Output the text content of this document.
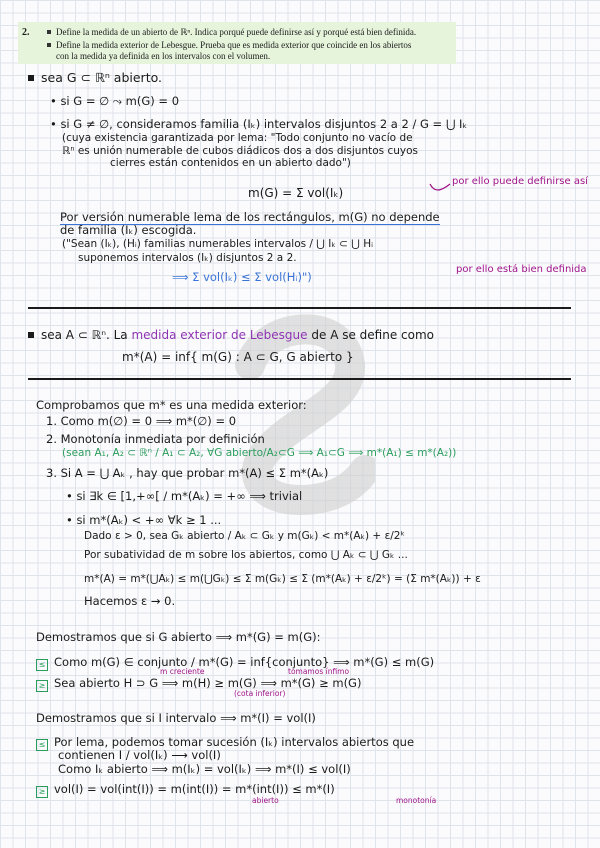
2.	Define la medida de un abierto de ℝⁿ. Indica porqué puede definirse así y porqué está bien definida.
Define la medida exterior de Lebesgue. Prueba que es medida exterior que coincide en los abiertos
con la medida ya definida en los intervalos con el volumen.
sea G ⊂ ℝⁿ abierto.
• si G = ∅ ⤳ m(G) = 0
• si G ≠ ∅, consideramos familia (Iₖ) intervalos disjuntos 2 a 2 / G = ⋃ Iₖ
(cuya existencia garantizada por lema: "Todo conjunto no vacío de
ℝⁿ es unión numerable de cubos diádicos dos a dos disjuntos cuyos
cierres están contenidos en un abierto dado")
m(G) = Σ vol(Iₖ)
por ello puede definirse así
Por versión numerable lema de los rectángulos, m(G) no depende
de familia (Iₖ) escogida.
("Sean (Iₖ), (Hᵢ) familias numerables intervalos / ⋃ Iₖ ⊂ ⋃ Hᵢ
suponemos intervalos (Iₖ) disjuntos 2 a 2.
⟹ Σ vol(Iₖ) ≤ Σ vol(Hᵢ)")
por ello está bien definida
sea A ⊂ ℝⁿ. La medida exterior de Lebesgue de A se define como
m*(A) = inf{ m(G) : A ⊂ G, G abierto }
Comprobamos que m* es una medida exterior:
1. Como m(∅) = 0 ⟹ m*(∅) = 0
2. Monotonía inmediata por definición
(sean A₁, A₂ ⊂ ℝⁿ / A₁ ⊂ A₂, ∀G abierto/A₂⊂G ⟹ A₁⊂G ⟹ m*(A₁) ≤ m*(A₂))
3. Si A = ⋃ Aₖ , hay que probar m*(A) ≤ Σ m*(Aₖ)
• si ∃k ∈ [1,+∞[ / m*(Aₖ) = +∞ ⟹ trivial
• si m*(Aₖ) < +∞ ∀k ≥ 1 ...
Dado ε > 0, sea Gₖ abierto / Aₖ ⊂ Gₖ y m(Gₖ) < m*(Aₖ) + ε/2ᵏ
Por subatividad de m sobre los abiertos, como ⋃ Aₖ ⊂ ⋃ Gₖ ...
m*(A) = m*(⋃Aₖ) ≤ m(⋃Gₖ) ≤ Σ m(Gₖ) ≤ Σ (m*(Aₖ) + ε/2ᵏ) = (Σ m*(Aₖ)) + ε
Hacemos ε → 0.
Demostramos que si G abierto ⟹ m*(G) = m(G):
≤ Como m(G) ∈ conjunto / m*(G) = inf{conjunto} ⟹ m*(G) ≤ m(G)
m creciente	tomamos ínfimo
≥ Sea abierto H ⊃ G ⟹ m(H) ≥ m(G) ⟹ m*(G) ≥ m(G)
(cota inferior)
Demostramos que si I intervalo ⟹ m*(I) = vol(I)
≤ Por lema, podemos tomar sucesión (Iₖ) intervalos abiertos que
contienen I / vol(Iₖ) ⟶ vol(I)
Como Iₖ abierto ⟹ m(Iₖ) = vol(Iₖ) ⟹ m*(I) ≤ vol(I)
≥ vol(I) = vol(int(I)) = m(int(I)) = m*(int(I)) ≤ m*(I)
abierto	monotonía
